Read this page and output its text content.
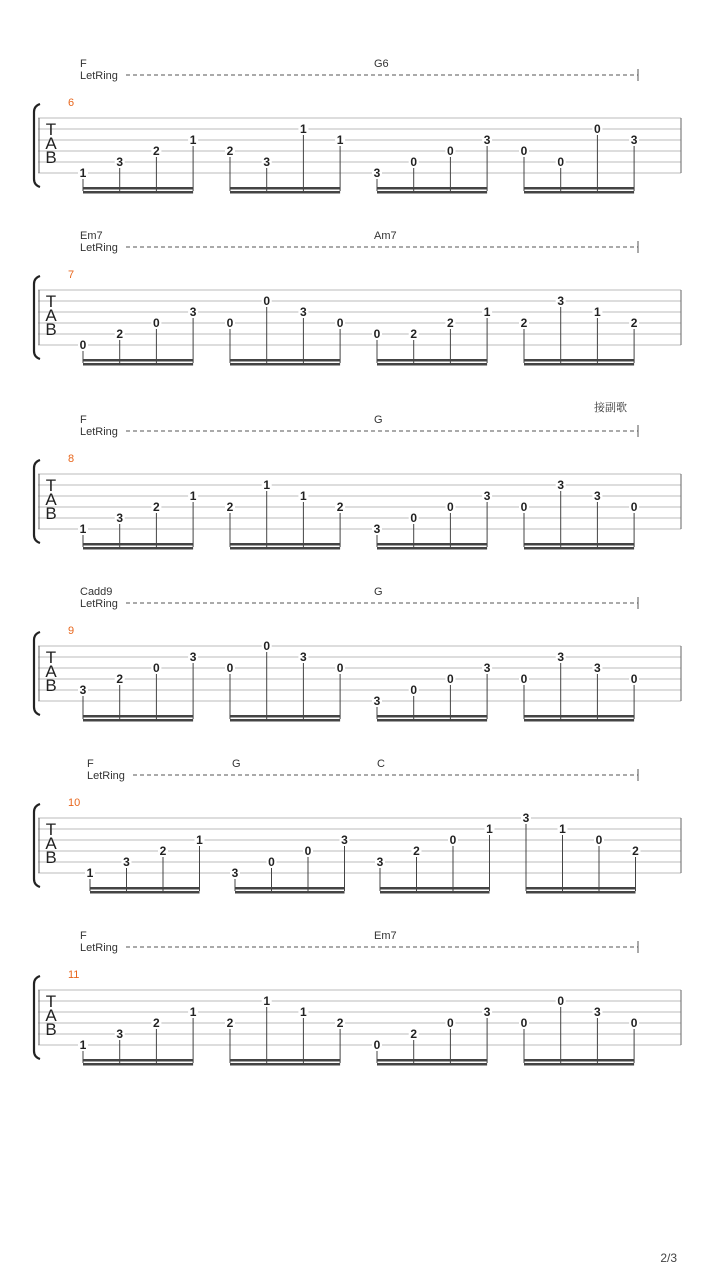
T
A
B
6
F	G6
LetRing
1
3
2
1
2
3
1
1
3
0
0
3
0
0
0
3
T
A
B
7
Em7	Am7
LetRing
0
2
0
3
0
0
3
0
0	2
2
1
2
3
1
2
T
A
B
8
F	G
LetRing
接副歌
1
3
2
1
2
1
1
2
3
0
0
3
0
3
3
0
T
A
B
9
Cadd9	G
LetRing
3
2
0
3
0
0
3
0
3
0
0
3
0
3
3
0
T
A
B
10
F	G	C
LetRing
1
3
2
1
3
0
0
3
3
2
0
1
3
1
0
2
T
A
B
11
F	Em7
LetRing
1
3
2
1
2
1
1
2
0
2
0
3
0
0
3
0
2/3
